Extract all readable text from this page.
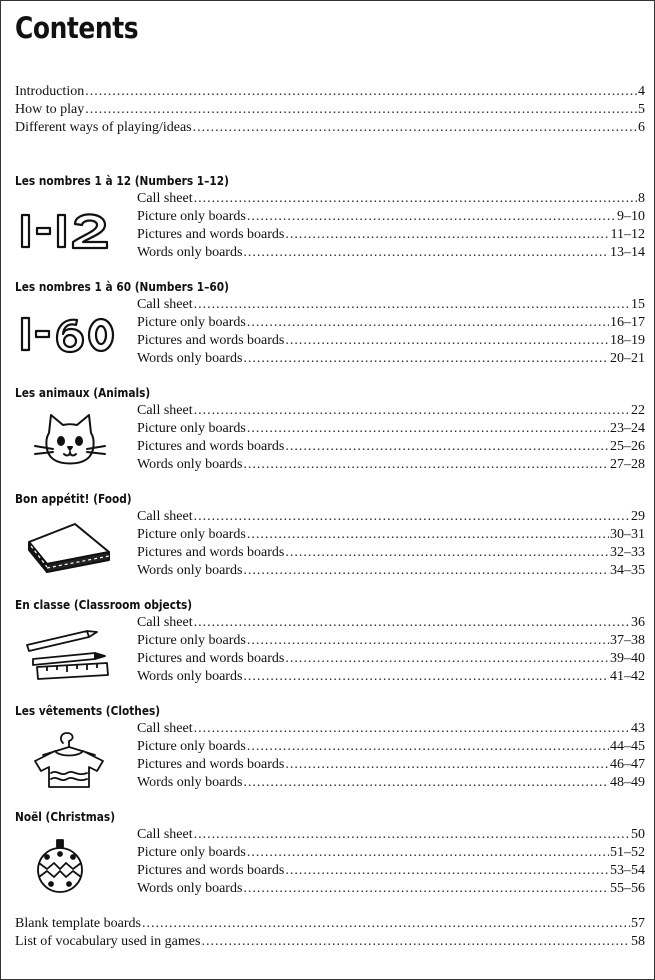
Contents
Introduction .....	4
How to play .....	5
Different ways of playing/ideas .....	6
Les nombres 1 à 12 (Numbers 1–12)
Call sheet .....	8
Picture only boards .....	9–10
Pictures and words boards .....	11–12
Words only boards .....	13–14
Les nombres 1 à 60 (Numbers 1–60)
Call sheet .....	15
Picture only boards .....	16–17
Pictures and words boards .....	18–19
Words only boards .....	20–21
Les animaux (Animals)
Call sheet .....	22
Picture only boards .....	23–24
Pictures and words boards .....	25–26
Words only boards .....	27–28
Bon appétit! (Food)
Call sheet .....	29
Picture only boards .....	30–31
Pictures and words boards .....	32–33
Words only boards .....	34–35
En classe (Classroom objects)
Call sheet .....	36
Picture only boards .....	37–38
Pictures and words boards .....	39–40
Words only boards .....	41–42
Les vêtements (Clothes)
Call sheet .....	43
Picture only boards .....	44–45
Pictures and words boards .....	46–47
Words only boards .....	48–49
Noël (Christmas)
Call sheet .....	50
Picture only boards .....	51–52
Pictures and words boards .....	53–54
Words only boards .....	55–56
Blank template boards .....	57
List of vocabulary used in games .....	58
